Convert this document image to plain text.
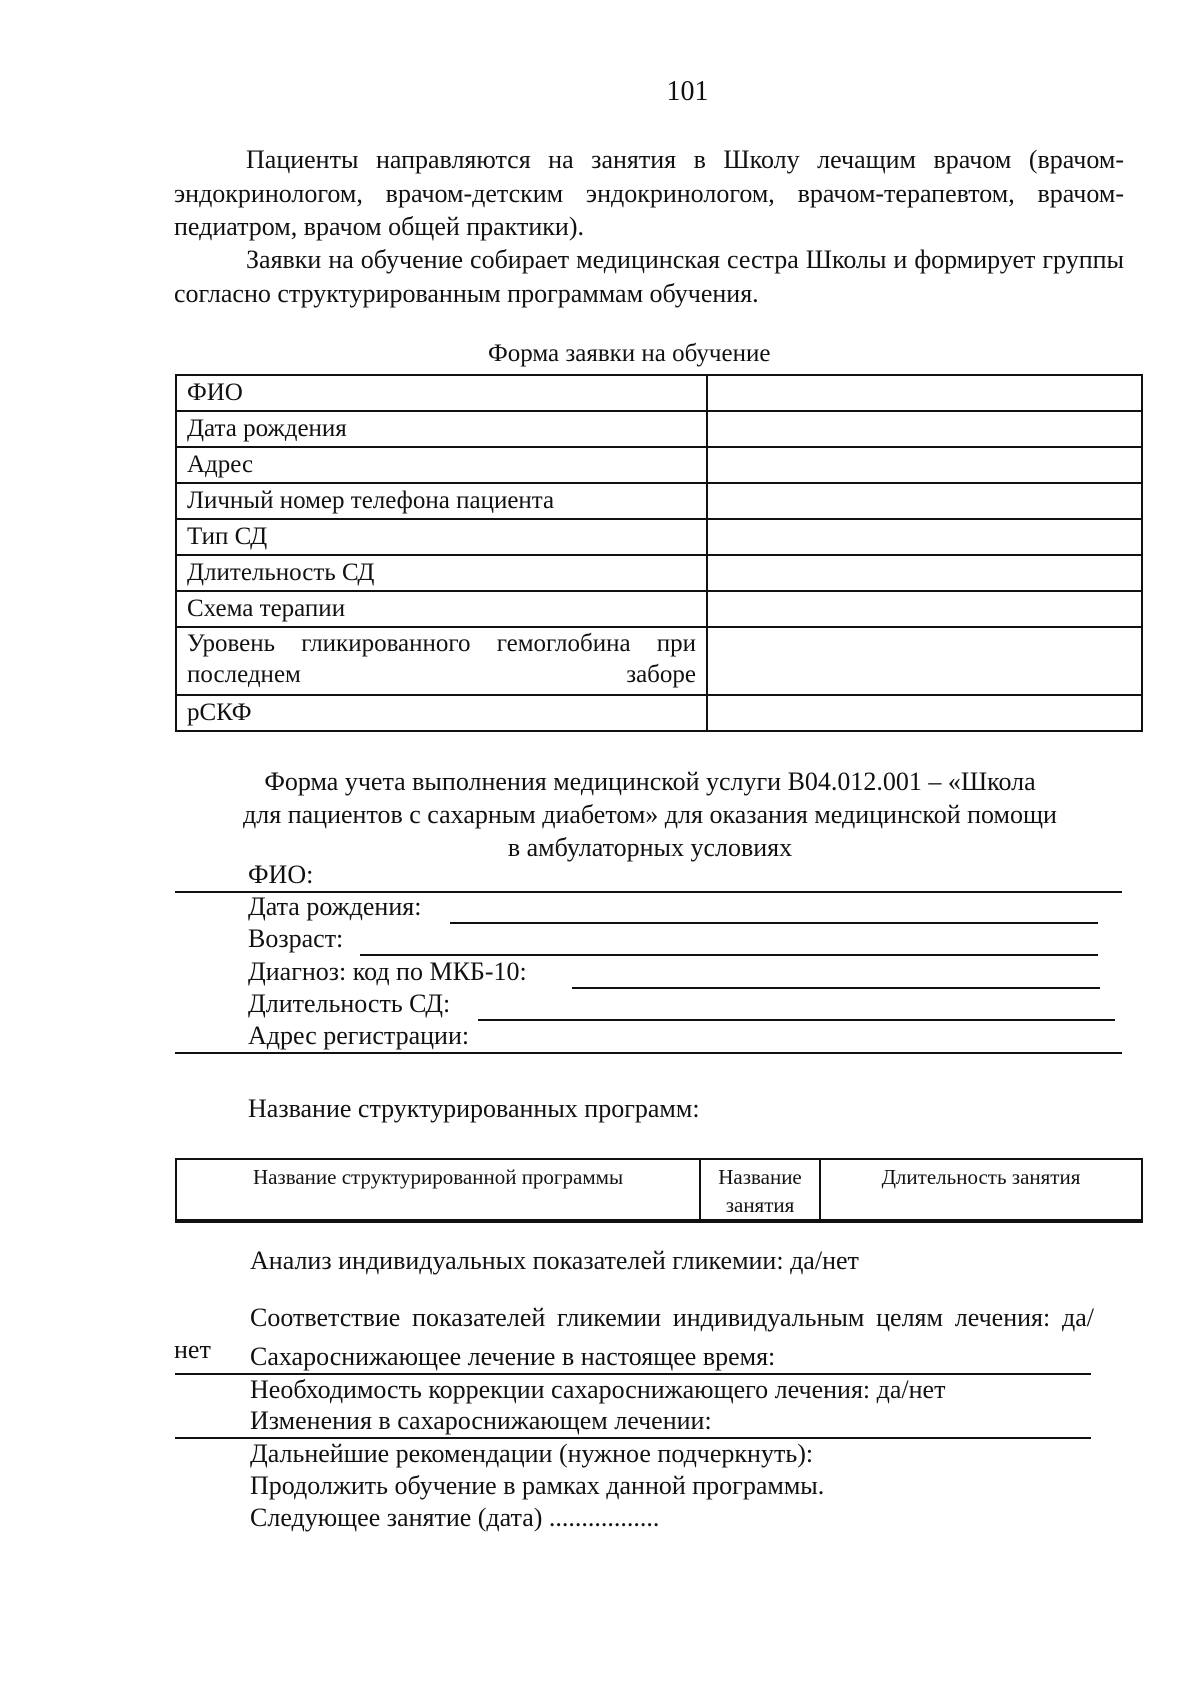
101

Пациенты направляются на занятия в Школу лечащим врачом (врачом-эндокринологом, врачом-детским эндокринологом, врачом-терапевтом, врачом-педиатром, врачом общей практики).

Заявки на обучение собирает медицинская сестра Школы и формирует группы согласно структурированным программам обучения.

Форма заявки на обучение
ФИО	
Дата рождения	
Адрес	
Личный номер телефона пациента	
Тип СД	
Длительность СД	
Схема терапии	

Уровень гликированного гемоглобина при последнем заборе	

рСКФ	
Форма учета выполнения медицинской услуги В04.012.001 – «Школа
для пациентов с сахарным диабетом» для оказания медицинской помощи
в амбулаторных условиях
ФИО:
Дата рождения:
Возраст:
Диагноз: код по МКБ-10:
Длительность СД:
Адрес регистрации:
Название структурированных программ:
Название структурированной программы	Название занятия	Длительность занятия
Анализ индивидуальных показателей гликемии: да/нет

Соответствие показателей гликемии индивидуальным целям лечения: да/нет	Сахароснижающее лечение в настоящее время:
Необходимость коррекции сахароснижающего лечения: да/нет
Изменения в сахароснижающем лечении:
Дальнейшие рекомендации (нужное подчеркнуть):
Продолжить обучение в рамках данной программы.
Следующее занятие (дата) .................
